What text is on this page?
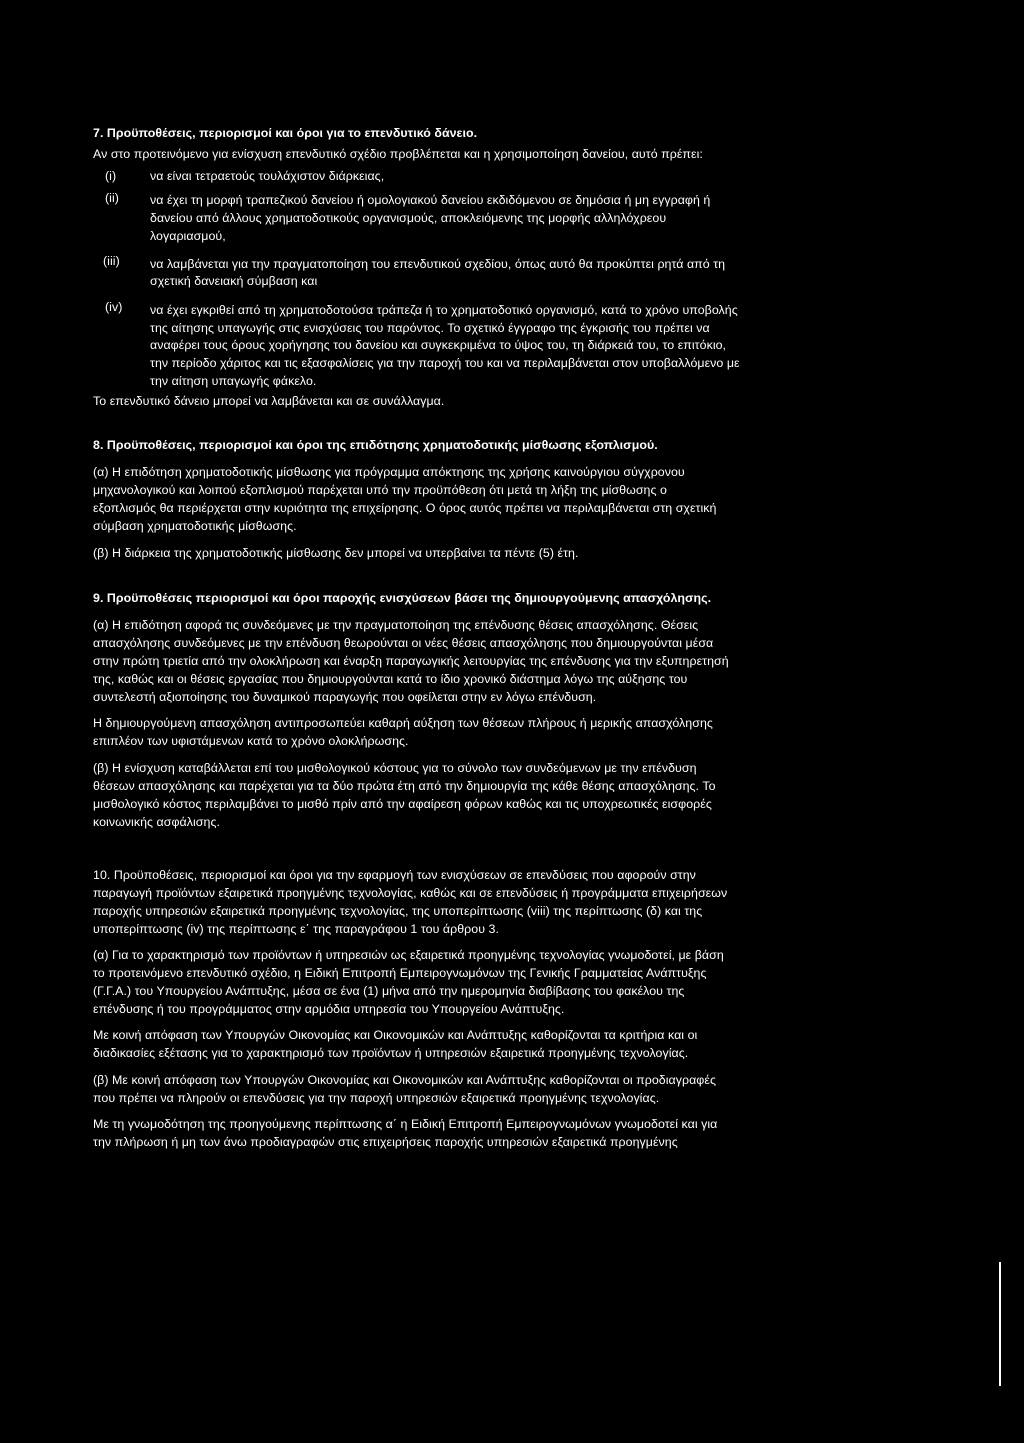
7. Προϋποθέσεις, περιορισμοί και όροι για το επενδυτικό δάνειο.
Αν στο προτεινόμενο για ενίσχυση επενδυτικό σχέδιο προβλέπεται και η χρησιμοποίηση δανείου, αυτό πρέπει:
(i)	να είναι τετραετούς τουλάχιστον διάρκειας,
(ii)	να έχει τη μορφή τραπεζικού δανείου ή ομολογιακού δανείου εκδιδόμενου σε δημόσια ή μη εγγραφή ή
δανείου από άλλους χρηματοδοτικούς οργανισμούς, αποκλειόμενης της μορφής αλληλόχρεου
λογαριασμού,
(iii) να λαμβάνεται για την πραγματοποίηση του επενδυτικού σχεδίου, όπως αυτό θα προκύπτει ρητά από τη
σχετική δανειακή σύμβαση και
(iv) να έχει εγκριθεί από τη χρηματοδοτούσα τράπεζα ή το χρηματοδοτικό οργανισμό, κατά το χρόνο υποβολής
της αίτησης υπαγωγής στις ενισχύσεις του παρόντος. Το σχετικό έγγραφο της έγκρισής του πρέπει να
αναφέρει τους όρους χορήγησης του δανείου και συγκεκριμένα το ύψος του, τη διάρκειά του, το επιτόκιο,
την περίοδο χάριτος και τις εξασφαλίσεις για την παροχή του και να περιλαμβάνεται στον υποβαλλόμενο με
την αίτηση υπαγωγής φάκελο.
Το επενδυτικό δάνειο μπορεί να λαμβάνεται και σε συνάλλαγμα.
8. Προϋποθέσεις, περιορισμοί και όροι της επιδότησης χρηματοδοτικής μίσθωσης εξοπλισμού.
(α) Η επιδότηση χρηματοδοτικής μίσθωσης για πρόγραμμα απόκτησης της χρήσης καινούργιου σύγχρονου
μηχανολογικού και λοιπού εξοπλισμού παρέχεται υπό την προϋπόθεση ότι μετά τη λήξη της μίσθωσης ο
εξοπλισμός θα περιέρχεται στην κυριότητα της επιχείρησης. Ο όρος αυτός πρέπει να περιλαμβάνεται στη σχετική
σύμβαση χρηματοδοτικής μίσθωσης.
(β) Η διάρκεια της χρηματοδοτικής μίσθωσης δεν μπορεί να υπερβαίνει τα πέντε (5) έτη.
9. Προϋποθέσεις περιορισμοί και όροι παροχής ενισχύσεων βάσει της δημιουργούμενης απασχόλησης.
(α) Η επιδότηση αφορά τις συνδεόμενες με την πραγματοποίηση της επένδυσης θέσεις απασχόλησης. Θέσεις
απασχόλησης συνδεόμενες με την επένδυση θεωρούνται οι νέες θέσεις απασχόλησης που δημιουργούνται μέσα
στην πρώτη τριετία από την ολοκλήρωση και έναρξη παραγωγικής λειτουργίας της επένδυσης για την εξυπηρετησή
της, καθώς και οι θέσεις εργασίας που δημιουργούνται κατά το ίδιο χρονικό διάστημα λόγω της αύξησης του
συντελεστή αξιοποίησης του δυναμικού παραγωγής που οφείλεται στην εν λόγω επένδυση.
Η δημιουργούμενη απασχόληση αντιπροσωπεύει καθαρή αύξηση των θέσεων πλήρους ή μερικής απασχόλησης
επιπλέον των υφιστάμενων κατά το χρόνο ολοκλήρωσης.
(β) Η ενίσχυση καταβάλλεται επί του μισθολογικού κόστους για το σύνολο των συνδεόμενων με την επένδυση
θέσεων απασχόλησης και παρέχεται για τα δύο πρώτα έτη από την δημιουργία της κάθε θέσης απασχόλησης. Το
μισθολογικό κόστος περιλαμβάνει το μισθό πρίν από την αφαίρεση φόρων καθώς και τις υποχρεωτικές εισφορές
κοινωνικής ασφάλισης.
10. Προϋποθέσεις, περιορισμοί και όροι για την εφαρμογή των ενισχύσεων σε επενδύσεις που αφορούν στην
παραγωγή προϊόντων εξαιρετικά προηγμένης τεχνολογίας, καθώς και σε επενδύσεις ή προγράμματα επιχειρήσεων
παροχής υπηρεσιών εξαιρετικά προηγμένης τεχνολογίας, της υποπερίπτωσης (viii) της περίπτωσης (δ) και της
υποπερίπτωσης (iv) της περίπτωσης ε΄ της παραγράφου 1 του άρθρου 3.
(α) Για το χαρακτηρισμό των προϊόντων ή υπηρεσιών ως εξαιρετικά προηγμένης τεχνολογίας γνωμοδοτεί, με βάση
το προτεινόμενο επενδυτικό σχέδιο, η Ειδική Επιτροπή Εμπειρογνωμόνων της Γενικής Γραμματείας Ανάπτυξης
(Γ.Γ.Α.) του Υπουργείου Ανάπτυξης, μέσα σε ένα (1) μήνα από την ημερομηνία διαβίβασης του φακέλου της
επένδυσης ή του προγράμματος στην αρμόδια υπηρεσία του Υπουργείου Ανάπτυξης.
Με κοινή απόφαση των Υπουργών Οικονομίας και Οικονομικών και Ανάπτυξης καθορίζονται τα κριτήρια και οι
διαδικασίες εξέτασης για το χαρακτηρισμό των προϊόντων ή υπηρεσιών εξαιρετικά προηγμένης τεχνολογίας.
(β) Με κοινή απόφαση των Υπουργών Οικονομίας και Οικονομικών και Ανάπτυξης καθορίζονται οι προδιαγραφές
που πρέπει να πληρούν οι επενδύσεις για την παροχή υπηρεσιών εξαιρετικά προηγμένης τεχνολογίας.
Με τη γνωμοδότηση της προηγούμενης περίπτωσης α΄ η Ειδική Επιτροπή Εμπειρογνωμόνων γνωμοδοτεί και για
την πλήρωση ή μη των άνω προδιαγραφών στις επιχειρήσεις παροχής υπηρεσιών εξαιρετικά προηγμένης
